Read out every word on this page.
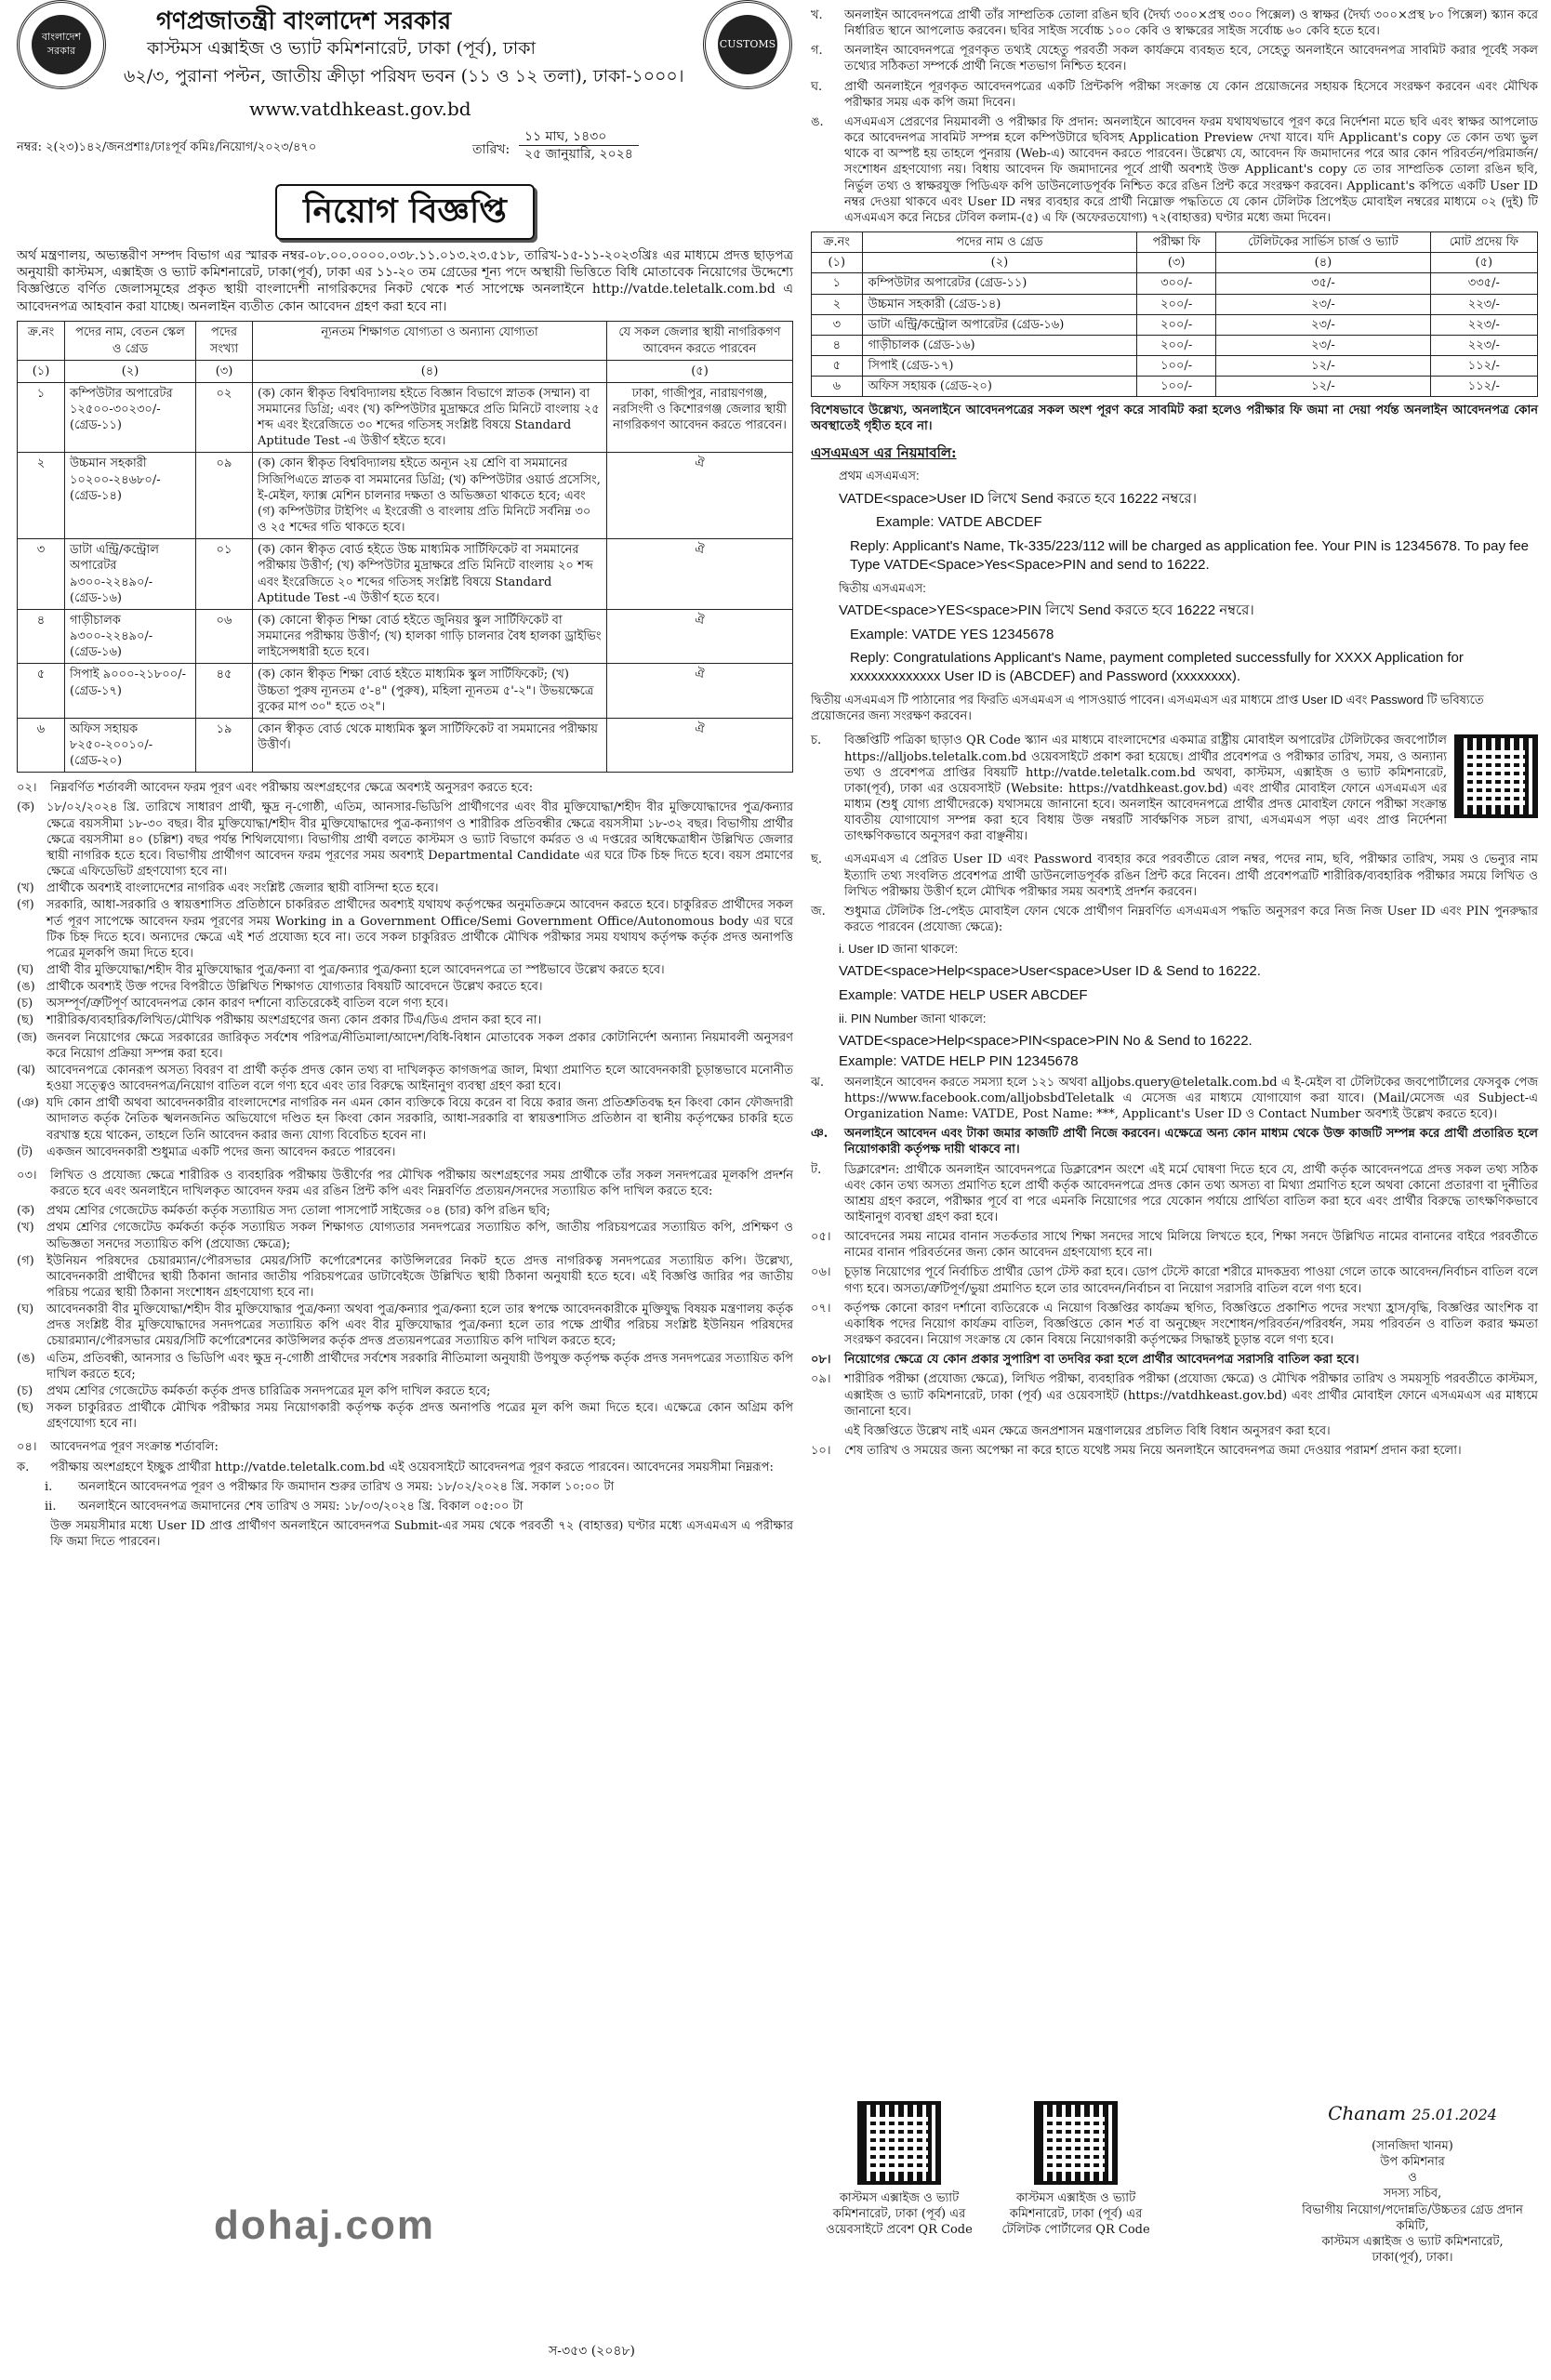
বাংলাদেশ সরকার
CUSTOMS
গণপ্রজাতন্ত্রী বাংলাদেশ সরকার
কাস্টমস এক্সাইজ ও ভ্যাট কমিশনারেট, ঢাকা (পূর্ব), ঢাকা
৬২/৩, পুরানা পল্টন, জাতীয় ক্রীড়া পরিষদ ভবন (১১ ও ১২ তলা), ঢাকা-১০০০।
www.vatdhkeast.gov.bd
নম্বর: ২(২৩)১৪২/জনপ্রশাঃ/ঢাঃপূর্ব কমিঃ/নিয়োগ/২০২৩/৪৭০	তারিখ:
১১ মাঘ, ১৪৩০
২৫ জানুয়ারি, ২০২৪
নিয়োগ বিজ্ঞপ্তি
অর্থ মন্ত্রণালয়, অভ্যন্তরীণ সম্পদ বিভাগ এর স্মারক নম্বর-০৮.০০.০০০০.০৩৮.১১.০১৩.২৩.৫১৮, তারিখ-১৫-১১-২০২৩খ্রিঃ এর মাধ্যমে প্রদত্ত ছাড়পত্র অনুযায়ী কাস্টমস, এক্সাইজ ও ভ্যাট কমিশনারেট, ঢাকা(পূর্ব), ঢাকা এর ১১-২০ তম গ্রেডের শূন্য পদে অস্থায়ী ভিত্তিতে বিধি মোতাবেক নিয়োগের উদ্দেশ্যে বিজ্ঞপ্তিতে বর্ণিত জেলাসমূহের প্রকৃত স্থায়ী বাংলাদেশী নাগরিকদের নিকট থেকে শর্ত সাপেক্ষে অনলাইনে http://vatde.teletalk.com.bd এ আবেদনপত্র আহবান করা যাচ্ছে। অনলাইন ব্যতীত কোন আবেদন গ্রহণ করা হবে না।
ক্র.নং	পদের নাম, বেতন স্কেল ও গ্রেড	পদের সংখ্যা	ন্যূনতম শিক্ষাগত যোগ্যতা ও অন্যান্য যোগ্যতা	যে সকল জেলার স্থায়ী নাগরিকগণ আবেদন করতে পারবেন
(১)	(২)	(৩)	(৪)	(৫)
১	কম্পিউটার অপারেটর ১২৫০০-৩০২৩০/- (গ্রেড-১১)	০২	(ক) কোন স্বীকৃত বিশ্ববিদ্যালয় হইতে বিজ্ঞান বিভাগে স্নাতক (সম্মান) বা সমমানের ডিগ্রি; এবং (খ) কম্পিউটার মুদ্রাক্ষরে প্রতি মিনিটে বাংলায় ২৫ শব্দ এবং ইংরেজিতে ৩০ শব্দের গতিসহ সংশ্লিষ্ট বিষয়ে Standard Aptitude Test -এ উত্তীর্ণ হইতে হবে।	ঢাকা, গাজীপুর, নারায়ণগঞ্জ, নরসিংদী ও কিশোরগঞ্জ জেলার স্থায়ী নাগরিকগণ আবেদন করতে পারবেন।
২	উচ্চমান সহকারী ১০২০০-২৪৬৮০/- (গ্রেড-১৪)	০৯	(ক) কোন স্বীকৃত বিশ্ববিদ্যালয় হইতে অন্যূন ২য় শ্রেণি বা সমমানের সিজিপিএতে স্নাতক বা সমমানের ডিগ্রি; (খ) কম্পিউটার ওয়ার্ড প্রসেসিং, ই-মেইল, ফ্যাক্স মেশিন চালনার দক্ষতা ও অভিজ্ঞতা থাকতে হবে; এবং (গ) কম্পিউটার টাইপিং এ ইংরেজী ও বাংলায় প্রতি মিনিটে সর্বনিম্ন ৩০ ও ২৫ শব্দের গতি থাকতে হবে।	ঐ
৩	ডাটা এন্ট্রি/কন্ট্রোল অপারেটর ৯৩০০-২২৪৯০/- (গ্রেড-১৬)	০১	(ক) কোন স্বীকৃত বোর্ড হইতে উচ্চ মাধ্যমিক সার্টিফিকেট বা সমমানের পরীক্ষায় উত্তীর্ণ; (খ) কম্পিউটার মুদ্রাক্ষরে প্রতি মিনিটে বাংলায় ২০ শব্দ এবং ইংরেজিতে ২০ শব্দের গতিসহ সংশ্লিষ্ট বিষয়ে Standard Aptitude Test -এ উত্তীর্ণ হতে হবে।	ঐ
৪	গাড়ীচালক ৯৩০০-২২৪৯০/- (গ্রেড-১৬)	০৬	(ক) কোনো স্বীকৃত শিক্ষা বোর্ড হইতে জুনিয়র স্কুল সার্টিফিকেট বা সমমানের পরীক্ষায় উত্তীর্ণ; (খ) হালকা গাড়ি চালনার বৈধ হালকা ড্রাইভিং লাইসেন্সধারী হতে হবে।	ঐ
৫	সিপাই ৯০০০-২১৮০০/- (গ্রেড-১৭)	৪৫	(ক) কোন স্বীকৃত শিক্ষা বোর্ড হইতে মাধ্যমিক স্কুল সার্টিফিকেট; (খ) উচ্চতা পুরুষ ন্যূনতম ৫'-৪" (পুরুষ), মহিলা ন্যূনতম ৫'-২"। উভয়ক্ষেত্রে বুকের মাপ ৩০" হতে ৩২"।	ঐ
৬	অফিস সহায়ক ৮২৫০-২০০১০/- (গ্রেড-২০)	১৯	কোন স্বীকৃত বোর্ড থেকে মাধ্যমিক স্কুল সার্টিফিকেট বা সমমানের পরীক্ষায় উত্তীর্ণ।	ঐ
০২।	নিম্নবর্ণিত শর্তাবলী আবেদন ফরম পূরণ এবং পরীক্ষায় অংশগ্রহণের ক্ষেত্রে অবশ্যই অনুসরণ করতে হবে:
(ক) ১৮/০২/২০২৪ খ্রি. তারিখে সাধারণ প্রার্থী, ক্ষুদ্র নৃ-গোষ্ঠী, এতিম, আনসার-ভিডিপি প্রার্থীগণের এবং বীর মুক্তিযোদ্ধা/শহীদ বীর মুক্তিযোদ্ধাদের পুত্র/কন্যার ক্ষেত্রে বয়সসীমা ১৮-৩০ বছর। বীর মুক্তিযোদ্ধা/শহীদ বীর মুক্তিযোদ্ধাদের পুত্র-কন্যাগণ ও শারীরিক প্রতিবন্ধীর ক্ষেত্রে বয়সসীমা ১৮-৩২ বছর। বিভাগীয় প্রার্থীর ক্ষেত্রে বয়সসীমা ৪০ (চল্লিশ) বছর পর্যন্ত শিথিলযোগ্য। বিভাগীয় প্রার্থী বলতে কাস্টমস ও ভ্যাট বিভাগে কর্মরত ও এ দপ্তরের অধিক্ষেত্রাধীন উল্লিখিত জেলার স্থায়ী নাগরিক হতে হবে। বিভাগীয় প্রার্থীগণ আবেদন ফরম পূরণের সময় অবশ্যই Departmental Candidate এর ঘরে টিক চিহ্ন দিতে হবে। বয়স প্রমাণের ক্ষেত্রে এফিডেভিট গ্রহণযোগ্য হবে না।
(খ)	প্রার্থীকে অবশ্যই বাংলাদেশের নাগরিক এবং সংশ্লিষ্ট জেলার স্থায়ী বাসিন্দা হতে হবে।
(গ)	সরকারি, আধা-সরকারি ও স্বায়ত্তশাসিত প্রতিষ্ঠানে চাকরিরত প্রার্থীদের অবশ্যই যথাযথ কর্তৃপক্ষের অনুমতিক্রমে আবেদন করতে হবে। চাকুরিরত প্রার্থীদের সকল শর্ত পূরণ সাপেক্ষে আবেদন ফরম পূরণের সময় Working in a Government Office/Semi Government Office/Autonomous body এর ঘরে টিক চিহ্ন দিতে হবে। অন্যদের ক্ষেত্রে এই শর্ত প্রযোজ্য হবে না। তবে সকল চাকুরিরত প্রার্থীকে মৌখিক পরীক্ষার সময় যথাযথ কর্তৃপক্ষ কর্তৃক প্রদত্ত অনাপত্তি পত্রের মূলকপি জমা দিতে হবে।
(ঘ)	প্রার্থী বীর মুক্তিযোদ্ধা/শহীদ বীর মুক্তিযোদ্ধার পুত্র/কন্যা বা পুত্র/কন্যার পুত্র/কন্যা হলে আবেদনপত্রে তা স্পষ্টভাবে উল্লেখ করতে হবে।
(ঙ) প্রার্থীকে অবশ্যই উক্ত পদের বিপরীতে উল্লিখিত শিক্ষাগত যোগ্যতার বিষয়টি আবেদনে উল্লেখ করতে হবে।
(চ)	অসম্পূর্ণ/ত্রুটিপূর্ণ আবেদনপত্র কোন কারণ দর্শানো ব্যতিরেকেই বাতিল বলে গণ্য হবে।
(ছ)	শারীরিক/ব্যবহারিক/লিখিত/মৌখিক পরীক্ষায় অংশগ্রহণের জন্য কোন প্রকার টিএ/ডিএ প্রদান করা হবে না।
(জ) জনবল নিয়োগের ক্ষেত্রে সরকারের জারিকৃত সর্বশেষ পরিপত্র/নীতিমালা/আদেশ/বিধি-বিধান মোতাবেক সকল প্রকার কোটানির্দেশ অন্যান্য নিয়মাবলী অনুসরণ করে নিয়োগ প্রক্রিয়া সম্পন্ন করা হবে।
(ঝ) আবেদনপত্রে কোনরূপ অসত্য বিবরণ বা প্রার্থী কর্তৃক প্রদত্ত কোন তথ্য বা দাখিলকৃত কাগজপত্র জাল, মিথ্যা প্রমাণিত হলে আবেদনকারী চূড়ান্তভাবে মনোনীত হওয়া সত্ত্বেও আবেদনপত্র/নিয়োগ বাতিল বলে গণ্য হবে এবং তার বিরুদ্ধে আইনানুগ ব্যবস্থা গ্রহণ করা হবে।
(ঞ) যদি কোন প্রার্থী অথবা আবেদনকারীর বাংলাদেশের নাগরিক নন এমন কোন ব্যক্তিকে বিয়ে করেন বা বিয়ে করার জন্য প্রতিশ্রুতিবদ্ধ হন কিংবা কোন ফৌজদারী আদালত কর্তৃক নৈতিক স্খলনজনিত অভিযোগে দণ্ডিত হন কিংবা কোন সরকারি, আধা-সরকারি বা স্বায়ত্তশাসিত প্রতিষ্ঠান বা স্থানীয় কর্তৃপক্ষের চাকরি হতে বরখাস্ত হয়ে থাকেন, তাহলে তিনি আবেদন করার জন্য যোগ্য বিবেচিত হবেন না।
(ট)	একজন আবেদনকারী শুধুমাত্র একটি পদের জন্য আবেদন করতে পারবেন।
০৩।	লিখিত ও প্রযোজ্য ক্ষেত্রে শারীরিক ও ব্যবহারিক পরীক্ষায় উত্তীর্ণের পর মৌখিক পরীক্ষায় অংশগ্রহণের সময় প্রার্থীকে তাঁর সকল সনদপত্রের মূলকপি প্রদর্শন করতে হবে এবং অনলাইনে দাখিলকৃত আবেদন ফরম এর রঙিন প্রিন্ট কপি এবং নিম্নবর্ণিত প্রত্যয়ন/সনদের সত্যায়িত কপি দাখিল করতে হবে:
(ক) প্রথম শ্রেণির গেজেটেড কর্মকর্তা কর্তৃক সত্যায়িত সদ্য তোলা পাসপোর্ট সাইজের ০৪ (চার) কপি রঙিন ছবি;
(খ)	প্রথম শ্রেণির গেজেটেড কর্মকর্তা কর্তৃক সত্যায়িত সকল শিক্ষাগত যোগ্যতার সনদপত্রের সত্যায়িত কপি, জাতীয় পরিচয়পত্রের সত্যায়িত কপি, প্রশিক্ষণ ও অভিজ্ঞতা সনদের সত্যায়িত কপি (প্রযোজ্য ক্ষেত্রে);
(গ)	ইউনিয়ন পরিষদের চেয়ারম্যান/পৌরসভার মেয়র/সিটি কর্পোরেশনের কাউন্সিলরের নিকট হতে প্রদত্ত নাগরিকত্ব সনদপত্রের সত্যায়িত কপি। উল্লেখ্য, আবেদনকারী প্রার্থীদের স্থায়ী ঠিকানা জানার জাতীয় পরিচয়পত্রের ডাটাবেইজে উল্লিখিত স্থায়ী ঠিকানা অনুযায়ী হতে হবে। এই বিজ্ঞপ্তি জারির পর জাতীয় পরিচয় পত্রের স্থায়ী ঠিকানা সংশোধন গ্রহণযোগ্য হবে না।
(ঘ)	আবেদনকারী বীর মুক্তিযোদ্ধা/শহীদ বীর মুক্তিযোদ্ধার পুত্র/কন্যা অথবা পুত্র/কন্যার পুত্র/কন্যা হলে তার স্বপক্ষে আবেদনকারীকে মুক্তিযুদ্ধ বিষয়ক মন্ত্রণালয় কর্তৃক প্রদত্ত সংশ্লিষ্ট বীর মুক্তিযোদ্ধাদের সনদপত্রের সত্যায়িত কপি এবং বীর মুক্তিযোদ্ধার পুত্র/কন্যা হলে তার পক্ষে প্রার্থীর পরিচয় সংশ্লিষ্ট ইউনিয়ন পরিষদের চেয়ারম্যান/পৌরসভার মেয়র/সিটি কর্পোরেশনের কাউন্সিলর কর্তৃক প্রদত্ত প্রত্যয়নপত্রের সত্যায়িত কপি দাখিল করতে হবে;
(ঙ) এতিম, প্রতিবন্ধী, আনসার ও ভিডিপি এবং ক্ষুদ্র নৃ-গোষ্ঠী প্রার্থীদের সর্বশেষ সরকারি নীতিমালা অনুযায়ী উপযুক্ত কর্তৃপক্ষ কর্তৃক প্রদত্ত সনদপত্রের সত্যায়িত কপি দাখিল করতে হবে;
(চ)	প্রথম শ্রেণির গেজেটেড কর্মকর্তা কর্তৃক প্রদত্ত চারিত্রিক সনদপত্রের মূল কপি দাখিল করতে হবে;
(ছ)	সকল চাকুরিরত প্রার্থীকে মৌখিক পরীক্ষার সময় নিয়োগকারী কর্তৃপক্ষ কর্তৃক প্রদত্ত অনাপত্তি পত্রের মূল কপি জমা দিতে হবে। এক্ষেত্রে কোন অগ্রিম কপি গ্রহণযোগ্য হবে না।
০৪।	আবেদনপত্র পূরণ সংক্রান্ত শর্তাবলি:
ক.	পরীক্ষায় অংশগ্রহণে ইচ্ছুক প্রার্থীরা http://vatde.teletalk.com.bd এই ওয়েবসাইটে আবেদনপত্র পূরণ করতে পারবেন। আবেদনের সময়সীমা নিম্নরূপ:
i.	অনলাইনে আবেদনপত্র পূরণ ও পরীক্ষার ফি জমাদান শুরুর তারিখ ও সময়: ১৮/০২/২০২৪ খ্রি. সকাল ১০:০০ টা
ii.	অনলাইনে আবেদনপত্র জমাদানের শেষ তারিখ ও সময়: ১৮/০৩/২০২৪ খ্রি. বিকাল ০৫:০০ টা
উক্ত সময়সীমার মধ্যে User ID প্রাপ্ত প্রার্থীগণ অনলাইনে আবেদনপত্র Submit-এর সময় থেকে পরবর্তী ৭২ (বাহাত্তর) ঘণ্টার মধ্যে এসএমএস এ পরীক্ষার ফি জমা দিতে পারবেন।
খ.	অনলাইন আবেদনপত্রে প্রার্থী তাঁর সাম্প্রতিক তোলা রঙিন ছবি (দৈর্ঘ্য ৩০০×প্রস্থ ৩০০ পিক্সেল) ও স্বাক্ষর (দৈর্ঘ্য ৩০০×প্রস্থ ৮০ পিক্সেল) স্ক্যান করে নির্ধারিত স্থানে আপলোড করবেন। ছবির সাইজ সর্বোচ্চ ১০০ কেবি ও স্বাক্ষরের সাইজ সর্বোচ্চ ৬০ কেবি হতে হবে।
গ.	অনলাইন আবেদনপত্রে পূরণকৃত তথ্যই যেহেতু পরবর্তী সকল কার্যক্রমে ব্যবহৃত হবে, সেহেতু অনলাইনে আবেদনপত্র সাবমিট করার পূর্বেই সকল তথ্যের সঠিকতা সম্পর্কে প্রার্থী নিজে শতভাগ নিশ্চিত হবেন।
ঘ.	প্রার্থী অনলাইনে পূরণকৃত আবেদনপত্রের একটি প্রিন্টকপি পরীক্ষা সংক্রান্ত যে কোন প্রয়োজনের সহায়ক হিসেবে সংরক্ষণ করবেন এবং মৌখিক পরীক্ষার সময় এক কপি জমা দিবেন।
ঙ.	এসএমএস প্রেরণের নিয়মাবলী ও পরীক্ষার ফি প্রদান: অনলাইনে আবেদন ফরম যথাযথভাবে পূরণ করে নির্দেশনা মতে ছবি এবং স্বাক্ষর আপলোড করে আবেদনপত্র সাবমিট সম্পন্ন হলে কম্পিউটারে ছবিসহ Application Preview দেখা যাবে। যদি Applicant's copy তে কোন তথ্য ভুল থাকে বা অস্পষ্ট হয় তাহলে পুনরায় (Web-এ) আবেদন করতে পারবেন। উল্লেখ্য যে, আবেদন ফি জমাদানের পরে আর কোন পরিবর্তন/পরিমার্জন/সংশোধন গ্রহণযোগ্য নয়। বিধায় আবেদন ফি জমাদানের পূর্বে প্রার্থী অবশ্যই উক্ত Applicant's copy তে তার সাম্প্রতিক তোলা রঙিন ছবি, নির্ভুল তথ্য ও স্বাক্ষরযুক্ত পিডিএফ কপি ডাউনলোডপূর্বক নিশ্চিত করে রঙিন প্রিন্ট করে সংরক্ষণ করবেন। Applicant's কপিতে একটি User ID নম্বর দেওয়া থাকবে এবং User ID নম্বর ব্যবহার করে প্রার্থী নিম্নোক্ত পদ্ধতিতে যে কোন টেলিটক প্রিপেইড মোবাইল নম্বরের মাধ্যমে ০২ (দুই) টি এসএমএস করে নিচের টেবিল কলাম-(৫) এ ফি (অফেরতযোগ্য) ৭২(বাহাত্তর) ঘণ্টার মধ্যে জমা দিবেন।
ক্র.নং	পদের নাম ও গ্রেড	পরীক্ষা ফি	টেলিটকের সার্ভিস চার্জ ও ভ্যাট	মোট প্রদেয় ফি
(১)	(২)	(৩)	(৪)	(৫)
১	কম্পিউটার অপারেটর (গ্রেড-১১)	৩০০/-	৩৫/-	৩৩৫/-
২	উচ্চমান সহকারী (গ্রেড-১৪)	২০০/-	২৩/-	২২৩/-
৩	ডাটা এন্ট্রি/কন্ট্রোল অপারেটর (গ্রেড-১৬)	২০০/-	২৩/-	২২৩/-
৪	গাড়ীচালক (গ্রেড-১৬)	২০০/-	২৩/-	২২৩/-
৫	সিপাই (গ্রেড-১৭)	১০০/-	১২/-	১১২/-
৬	অফিস সহায়ক (গ্রেড-২০)	১০০/-	১২/-	১১২/-
বিশেষভাবে উল্লেখ্য, অনলাইনে আবেদনপত্রের সকল অংশ পূরণ করে সাবমিট করা হলেও পরীক্ষার ফি জমা না দেয়া পর্যন্ত অনলাইন আবেদনপত্র কোন অবস্থাতেই গৃহীত হবে না।
এসএমএস এর নিয়মাবলি:

প্রথম এসএমএস:

VATDE<space>User ID লিখে Send করতে হবে 16222 নম্বরে।

Example: VATDE ABCDEF

Reply: Applicant's Name, Tk-335/223/112 will be charged as application fee. Your PIN is 12345678. To pay fee Type VATDE<Space>Yes<Space>PIN and send to 16222.

দ্বিতীয় এসএমএস:

VATDE<space>YES<space>PIN লিখে Send করতে হবে 16222 নম্বরে।

Example: VATDE YES 12345678

Reply: Congratulations Applicant's Name, payment completed successfully for XXXX Application for xxxxxxxxxxxxx User ID is (ABCDEF) and Password (xxxxxxxx).

দ্বিতীয় এসএমএস টি পাঠানোর পর ফিরতি এসএমএস এ পাসওয়ার্ড পাবেন। এসএমএস এর মাধ্যমে প্রাপ্ত User ID এবং Password টি ভবিষ্যতে প্রয়োজনের জন্য সংরক্ষণ করবেন।

চ.	বিজ্ঞপ্তিটি পত্রিকা ছাড়াও QR Code স্ক্যান এর মাধ্যমে বাংলাদেশের একমাত্র রাষ্ট্রীয় মোবাইল অপারেটর টেলিটকের জবপোর্টাল https://alljobs.teletalk.com.bd ওয়েবসাইটে প্রকাশ করা হয়েছে। প্রার্থীর প্রবেশপত্র ও পরীক্ষার তারিখ, সময়, ও অন্যান্য তথ্য ও প্রবেশপত্র প্রাপ্তির বিষয়টি http://vatde.teletalk.com.bd অথবা, কাস্টমস, এক্সাইজ ও ভ্যাট কমিশনারেট, ঢাকা(পূর্ব), ঢাকা এর ওয়েবসাইট (Website: https://vatdhkeast.gov.bd) এবং প্রার্থীর মোবাইল ফোনে এসএমএস এর মাধ্যম (শুধু যোগ্য প্রার্থীদেরকে) যথাসময়ে জানানো হবে। অনলাইন আবেদনপত্রে প্রার্থীর প্রদত্ত মোবাইল ফোনে পরীক্ষা সংক্রান্ত যাবতীয় যোগাযোগ সম্পন্ন করা হবে বিধায় উক্ত নম্বরটি সার্বক্ষণিক সচল রাখা, এসএমএস পড়া এবং প্রাপ্ত নির্দেশনা তাৎক্ষণিকভাবে অনুসরণ করা বাঞ্ছনীয়।
ছ.	এসএমএস এ প্রেরিত User ID এবং Password ব্যবহার করে পরবর্তীতে রোল নম্বর, পদের নাম, ছবি, পরীক্ষার তারিখ, সময় ও ভেন্যুর নাম ইত্যাদি তথ্য সংবলিত প্রবেশপত্র প্রার্থী ডাউনলোডপূর্বক রঙিন প্রিন্ট করে নিবেন। প্রার্থী প্রবেশপত্রটি শারীরিক/ব্যবহারিক পরীক্ষার সময়ে লিখিত ও লিখিত পরীক্ষায় উত্তীর্ণ হলে মৌখিক পরীক্ষার সময় অবশ্যই প্রদর্শন করবেন।
জ.	শুধুমাত্র টেলিটক প্রি-পেইড মোবাইল ফোন থেকে প্রার্থীগণ নিম্নবর্ণিত এসএমএস পদ্ধতি অনুসরণ করে নিজ নিজ User ID এবং PIN পুনরুদ্ধার করতে পারবেন (প্রযোজ্য ক্ষেত্রে):

i. User ID জানা থাকলে:

VATDE<space>Help<space>User<space>User ID & Send to 16222.

Example: VATDE HELP USER ABCDEF

ii. PIN Number জানা থাকলে:

VATDE<space>Help<space>PIN<space>PIN No & Send to 16222.

Example: VATDE HELP PIN 12345678

ঝ.	অনলাইনে আবেদন করতে সমস্যা হলে ১২১ অথবা alljobs.query@teletalk.com.bd এ ই-মেইল বা টেলিটকের জবপোর্টালের ফেসবুক পেজ https://www.facebook.com/alljobsbdTeletalk এ মেসেজ এর মাধ্যমে যোগাযোগ করা যাবে। (Mail/মেসেজ এর Subject-এ Organization Name: VATDE, Post Name: ***, Applicant's User ID ও Contact Number অবশ্যই উল্লেখ করতে হবে)।
ঞ.	অনলাইনে আবেদন এবং টাকা জমার কাজটি প্রার্থী নিজে করবেন। এক্ষেত্রে অন্য কোন মাধ্যম থেকে উক্ত কাজটি সম্পন্ন করে প্রার্থী প্রতারিত হলে নিয়োগকারী কর্তৃপক্ষ দায়ী থাকবে না।
ট.	ডিক্লারেশন: প্রার্থীকে অনলাইন আবেদনপত্রে ডিক্লারেশন অংশে এই মর্মে ঘোষণা দিতে হবে যে, প্রার্থী কর্তৃক আবেদনপত্রে প্রদত্ত সকল তথ্য সঠিক এবং কোন তথ্য অসত্য প্রমাণিত হলে প্রার্থী কর্তৃক আবেদনপত্রে প্রদত্ত কোন তথ্য অসত্য বা মিথ্যা প্রমাণিত হলে অথবা কোনো প্রতারণা বা দুর্নীতির আশ্রয় গ্রহণ করলে, পরীক্ষার পূর্বে বা পরে এমনকি নিয়োগের পরে যেকোন পর্যায়ে প্রার্থিতা বাতিল করা হবে এবং প্রার্থীর বিরুদ্ধে তাৎক্ষণিকভাবে আইনানুগ ব্যবস্থা গ্রহণ করা হবে।
০৫।	আবেদনের সময় নামের বানান সতর্কতার সাথে শিক্ষা সনদের সাথে মিলিয়ে লিখতে হবে, শিক্ষা সনদে উল্লিখিত নামের বানানের বাইরে পরবর্তীতে নামের বানান পরিবর্তনের জন্য কোন আবেদন গ্রহণযোগ্য হবে না।
০৬।	চূড়ান্ত নিয়োগের পূর্বে নির্বাচিত প্রার্থীর ডোপ টেস্ট করা হবে। ডোপ টেস্টে কারো শরীরে মাদকদ্রব্য পাওয়া গেলে তাকে আবেদন/নির্বাচন বাতিল বলে গণ্য হবে। অসত্য/ত্রুটিপূর্ণ/ভুয়া প্রমাণিত হলে তার আবেদন/নির্বাচন বা নিয়োগ সরাসরি বাতিল বলে গণ্য হবে।
০৭।	কর্তৃপক্ষ কোনো কারণ দর্শানো ব্যতিরেকে এ নিয়োগ বিজ্ঞপ্তির কার্যক্রম স্থগিত, বিজ্ঞপ্তিতে প্রকাশিত পদের সংখ্যা হ্রাস/বৃদ্ধি, বিজ্ঞপ্তির আংশিক বা একাধিক পদের নিয়োগ কার্যক্রম বাতিল, বিজ্ঞপ্তিতে কোন শর্ত বা অনুচ্ছেদ সংশোধন/পরিবর্তন/পরিবর্ধন, সময় পরিবর্তন ও বাতিল করার ক্ষমতা সংরক্ষণ করবেন। নিয়োগ সংক্রান্ত যে কোন বিষয়ে নিয়োগকারী কর্তৃপক্ষের সিদ্ধান্তই চূড়ান্ত বলে গণ্য হবে।
০৮।	নিয়োগের ক্ষেত্রে যে কোন প্রকার সুপারিশ বা তদবির করা হলে প্রার্থীর আবেদনপত্র সরাসরি বাতিল করা হবে।
০৯।	শারীরিক পরীক্ষা (প্রযোজ্য ক্ষেত্রে), লিখিত পরীক্ষা, ব্যবহারিক পরীক্ষা (প্রযোজ্য ক্ষেত্রে) ও মৌখিক পরীক্ষার তারিখ ও সময়সূচি পরবর্তীতে কাস্টমস, এক্সাইজ ও ভ্যাট কমিশনারেট, ঢাকা (পূর্ব) এর ওয়েবসাইট (https://vatdhkeast.gov.bd) এবং প্রার্থীর মোবাইল ফোনে এসএমএস এর মাধ্যমে জানানো হবে।
এই বিজ্ঞপ্তিতে উল্লেখ নাই এমন ক্ষেত্রে জনপ্রশাসন মন্ত্রণালয়ের প্রচলিত বিধি বিধান অনুসরণ করা হবে।
১০।	শেষ তারিখ ও সময়ের জন্য অপেক্ষা না করে হাতে যথেষ্ট সময় নিয়ে অনলাইনে আবেদনপত্র জমা দেওয়ার পরামর্শ প্রদান করা হলো।
কাস্টমস এক্সাইজ ও ভ্যাট কমিশনারেট, ঢাকা (পূর্ব) এর ওয়েবসাইটে প্রবেশ QR Code
কাস্টমস এক্সাইজ ও ভ্যাট কমিশনারেট, ঢাকা (পূর্ব) এর টেলিটক পোর্টালের QR Code
Chanam 25.01.2024
(সানজিদা খানম)
উপ কমিশনার
ও
সদস্য সচিব,
বিভাগীয় নিয়োগ/পদোন্নতি/উচ্চতর গ্রেড প্রদান কমিটি,
কাস্টমস এক্সাইজ ও ভ্যাট কমিশনারেট,
ঢাকা(পূর্ব), ঢাকা।
dohaj.com
স-৩৫৩ (২০৪৮)
